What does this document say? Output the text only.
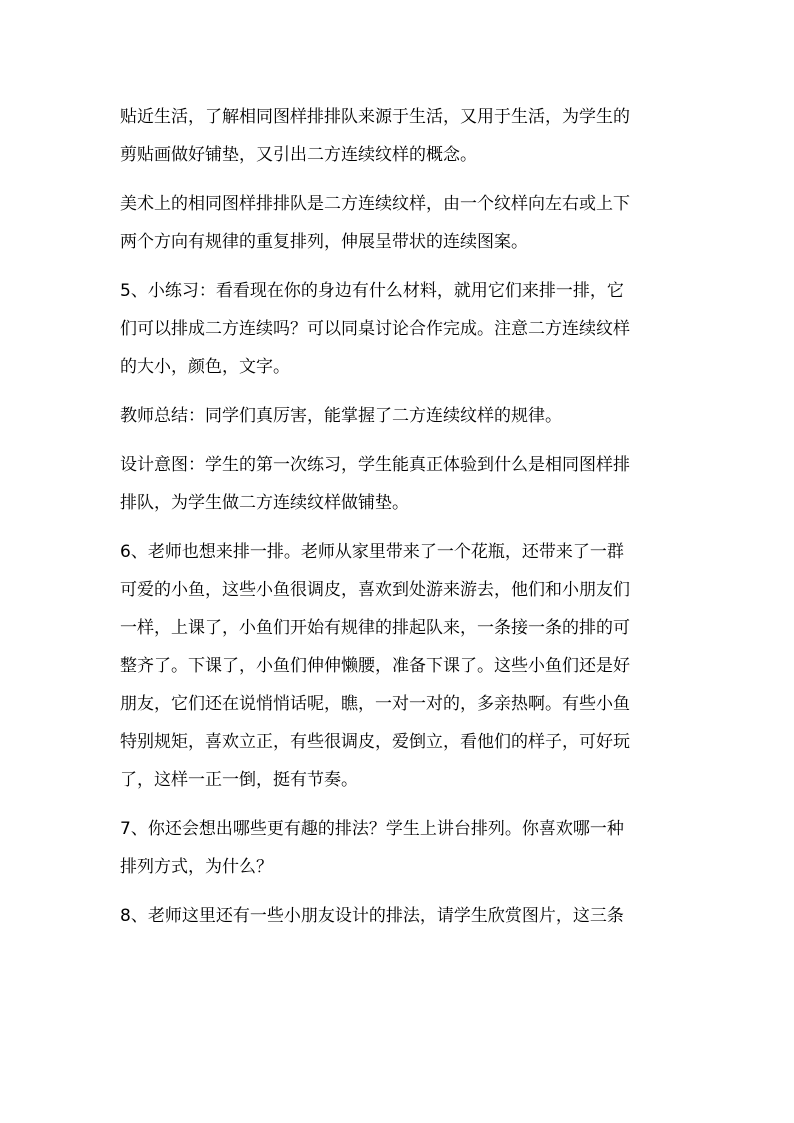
贴近生活，了解相同图样排排队来源于生活，又用于生活，为学生的
剪贴画做好铺垫，又引出二方连续纹样的概念。

美术上的相同图样排排队是二方连续纹样，由一个纹样向左右或上下
两个方向有规律的重复排列，伸展呈带状的连续图案。

5、小练习：看看现在你的身边有什么材料，就用它们来排一排，它
们可以排成二方连续吗？可以同桌讨论合作完成。注意二方连续纹样
的大小，颜色，文字。

教师总结：同学们真厉害，能掌握了二方连续纹样的规律。

设计意图：学生的第一次练习，学生能真正体验到什么是相同图样排
排队，为学生做二方连续纹样做铺垫。

6、老师也想来排一排。老师从家里带来了一个花瓶，还带来了一群
可爱的小鱼，这些小鱼很调皮，喜欢到处游来游去，他们和小朋友们
一样，上课了，小鱼们开始有规律的排起队来，一条接一条的排的可
整齐了。下课了，小鱼们伸伸懒腰，准备下课了。这些小鱼们还是好
朋友，它们还在说悄悄话呢，瞧，一对一对的，多亲热啊。有些小鱼
特别规矩，喜欢立正，有些很调皮，爱倒立，看他们的样子，可好玩
了，这样一正一倒，挺有节奏。

7、你还会想出哪些更有趣的排法？学生上讲台排列。你喜欢哪一种
排列方式，为什么？

8、老师这里还有一些小朋友设计的排法，请学生欣赏图片，这三条
